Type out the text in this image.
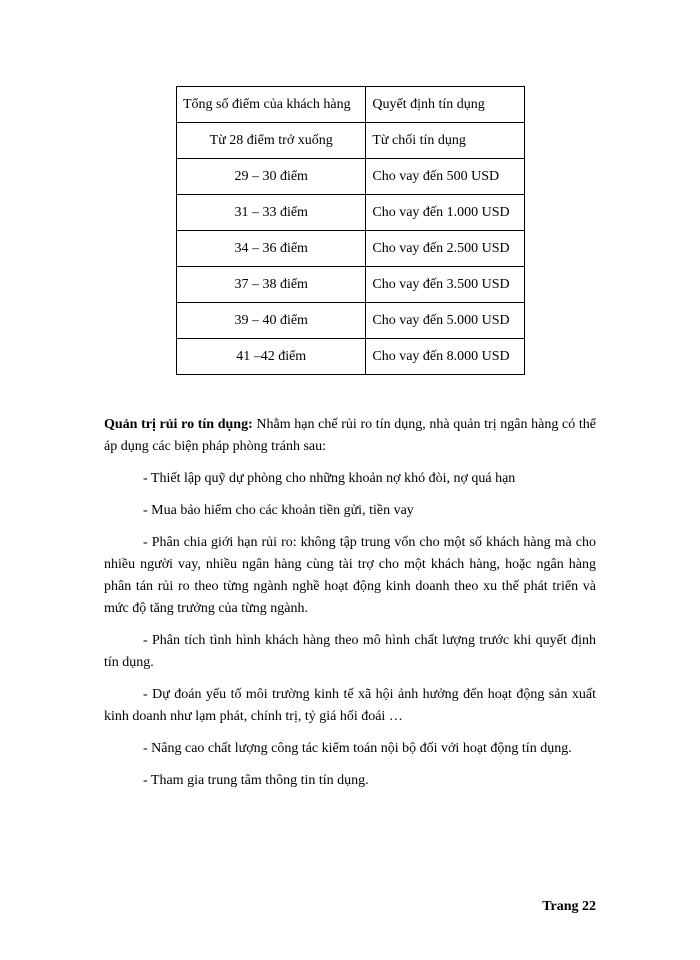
Tổng số điểm của khách hàng	Quyết định tín dụng
Từ 28 điểm trở xuống	Từ chối tín dụng
29 – 30 điểm	Cho vay đến 500 USD
31 – 33 điểm	Cho vay đến 1.000 USD
34 – 36 điểm	Cho vay đến 2.500 USD
37 – 38 điểm	Cho vay đến 3.500 USD
39 – 40 điểm	Cho vay đến 5.000 USD
41 –42 điểm	Cho vay đến 8.000 USD

Quản trị rủi ro tín dụng: Nhằm hạn chế rủi ro tín dụng, nhà quản trị ngân hàng có thể áp dụng các biện pháp phòng tránh sau:

- Thiết lập quỹ dự phòng cho những khoản nợ khó đòi, nợ quá hạn

- Mua bảo hiểm cho các khoản tiền gửi, tiền vay

- Phân chia giới hạn rủi ro: không tập trung vốn cho một số khách hàng mà cho nhiều người vay, nhiều ngân hàng cùng tài trợ cho một khách hàng, hoặc ngân hàng phân tán rủi ro theo từng ngành nghề hoạt động kinh doanh theo xu thế phát triển và mức độ tăng trưởng của từng ngành.

- Phân tích tình hình khách hàng theo mô hình chất lượng trước khi quyết định tín dụng.

- Dự đoán yếu tố môi trường kinh tế xã hội ảnh hưởng đến hoạt động sản xuất kinh doanh như lạm phát, chính trị, tỷ giá hối đoái …

- Nâng cao chất lượng công tác kiểm toán nội bộ đối với hoạt động tín dụng.

- Tham gia trung tâm thông tin tín dụng.

Trang 22
